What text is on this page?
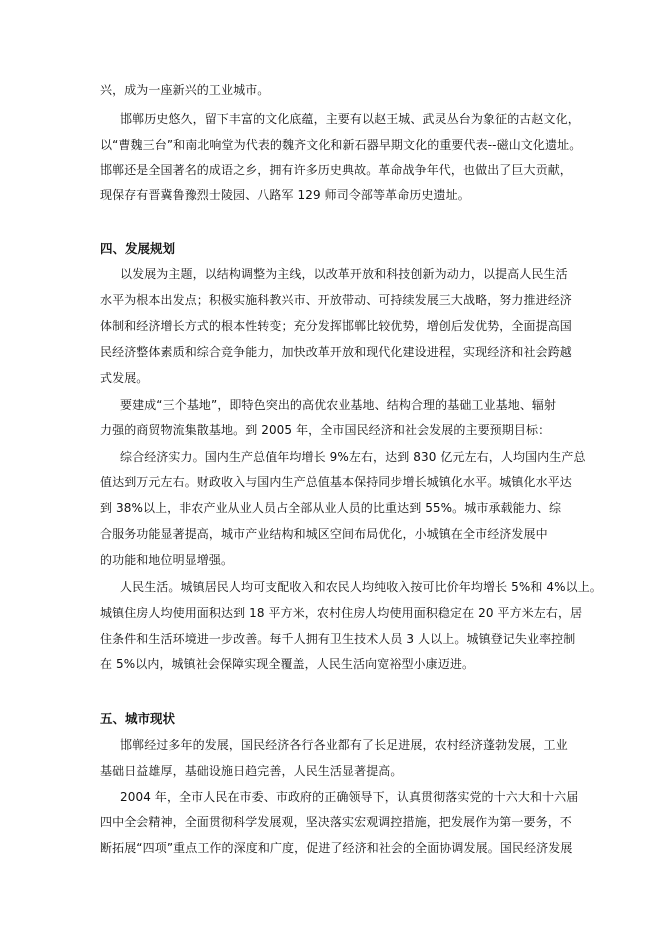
兴，成为一座新兴的工业城市。
邯郸历史悠久，留下丰富的文化底蕴，主要有以赵王城、武灵丛台为象征的古赵文化，
以“曹魏三台”和南北响堂为代表的魏齐文化和新石器早期文化的重要代表--磁山文化遗址。
邯郸还是全国著名的成语之乡，拥有许多历史典故。革命战争年代，也做出了巨大贡献，
现保存有晋冀鲁豫烈士陵园、八路军 129 师司令部等革命历史遗址。
四、发展规划
以发展为主题，以结构调整为主线，以改革开放和科技创新为动力，以提高人民生活
水平为根本出发点；积极实施科教兴市、开放带动、可持续发展三大战略，努力推进经济
体制和经济增长方式的根本性转变；充分发挥邯郸比较优势，增创后发优势，全面提高国
民经济整体素质和综合竞争能力，加快改革开放和现代化建设进程，实现经济和社会跨越
式发展。
要建成“三个基地”，即特色突出的高优农业基地、结构合理的基础工业基地、辐射
力强的商贸物流集散基地。到 2005 年，全市国民经济和社会发展的主要预期目标：
综合经济实力。国内生产总值年均增长 9%左右，达到 830 亿元左右，人均国内生产总
值达到万元左右。财政收入与国内生产总值基本保持同步增长城镇化水平。城镇化水平达
到 38%以上，非农产业从业人员占全部从业人员的比重达到 55%。城市承载能力、综
合服务功能显著提高，城市产业结构和城区空间布局优化，小城镇在全市经济发展中
的功能和地位明显增强。
人民生活。城镇居民人均可支配收入和农民人均纯收入按可比价年均增长 5%和 4%以上。
城镇住房人均使用面积达到 18 平方米，农村住房人均使用面积稳定在 20 平方米左右，居
住条件和生活环境进一步改善。每千人拥有卫生技术人员 3 人以上。城镇登记失业率控制
在 5%以内，城镇社会保障实现全覆盖，人民生活向宽裕型小康迈进。
五、城市现状
邯郸经过多年的发展，国民经济各行各业都有了长足进展，农村经济蓬勃发展，工业
基础日益雄厚，基础设施日趋完善，人民生活显著提高。
2004 年，全市人民在市委、市政府的正确领导下，认真贯彻落实党的十六大和十六届
四中全会精神，全面贯彻科学发展观，坚决落实宏观调控措施，把发展作为第一要务，不
断拓展“四项”重点工作的深度和广度，促进了经济和社会的全面协调发展。国民经济发展
